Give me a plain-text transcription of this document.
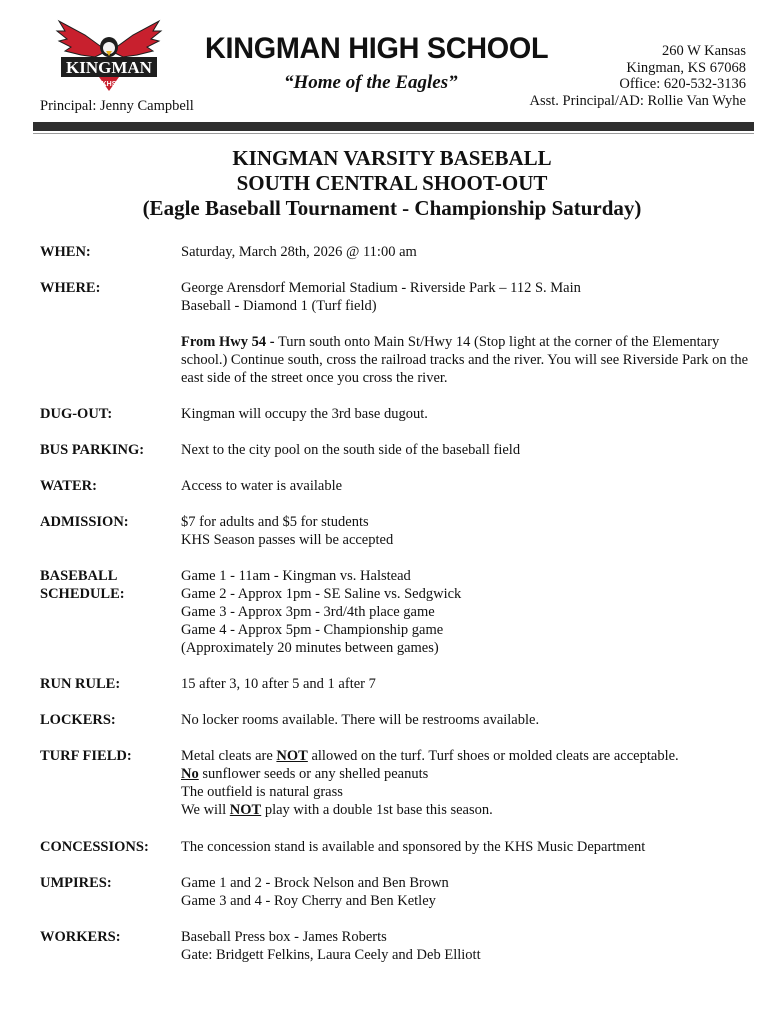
KINGMAN
KHS
KINGMAN HIGH SCHOOL
“Home of the Eagles”
Principal: Jenny Campbell
260 W Kansas
Kingman, KS 67068
Office: 620-532-3136
Asst. Principal/AD: Rollie Van Wyhe
KINGMAN VARSITY BASEBALL
SOUTH CENTRAL SHOOT-OUT
(Eagle Baseball Tournament - Championship Saturday)
WHEN:	Saturday, March 28th, 2026 @ 11:00 am
WHERE:	George Arensdorf Memorial Stadium - Riverside Park – 112 S. Main
Baseball - Diamond 1 (Turf field)
From Hwy 54 - Turn south onto Main St/Hwy 14 (Stop light at the corner of the Elementary school.) Continue south, cross the railroad tracks and the river. You will see Riverside Park on the east side of the street once you cross the river.
DUG-OUT:	Kingman will occupy the 3rd base dugout.
BUS PARKING:	Next to the city pool on the south side of the baseball field
WATER:	Access to water is available
ADMISSION:	$7 for adults and $5 for students
KHS Season passes will be accepted
BASEBALL
SCHEDULE:
Game 1 - 11am - Kingman vs. Halstead
Game 2 - Approx 1pm - SE Saline vs. Sedgwick
Game 3 - Approx 3pm - 3rd/4th place game
Game 4 - Approx 5pm - Championship game
(Approximately 20 minutes between games)
RUN RULE:	15 after 3, 10 after 5 and 1 after 7
LOCKERS:	No locker rooms available. There will be restrooms available.
TURF FIELD:	Metal cleats are NOT allowed on the turf. Turf shoes or molded cleats are acceptable.
No sunflower seeds or any shelled peanuts
The outfield is natural grass
We will NOT play with a double 1st base this season.
CONCESSIONS:	The concession stand is available and sponsored by the KHS Music Department
UMPIRES:	Game 1 and 2 - Brock Nelson and Ben Brown
Game 3 and 4 - Roy Cherry and Ben Ketley
WORKERS:	Baseball Press box - James Roberts
Gate: Bridgett Felkins, Laura Ceely and Deb Elliott
